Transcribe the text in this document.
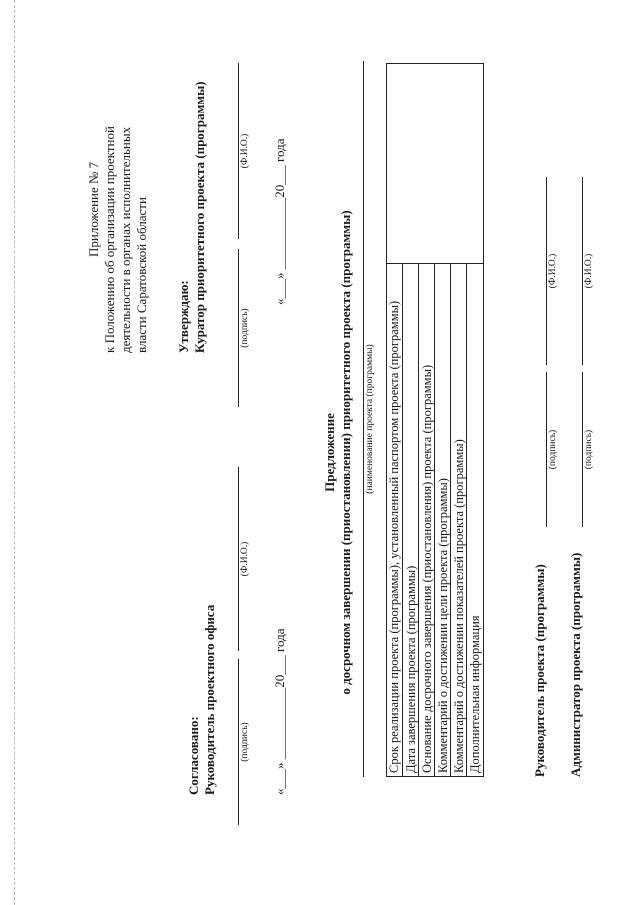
Приложение № 7 к Положению об организации проектной деятельности в органах исполнительных власти Саратовской области Утверждаю: Куратор приоритетного проекта (программы)	(подпись)
(Ф.И.О.) «___» ___________20___ года
Согласовано: Руководитель проектного офиса (подпись)
(Ф.И.О.)
«___» ___________20___ года
Предложение о досрочном завершении (приостановлении) приоритетного проекта (программы) (наименование проекта (программы) Срок реализации проекта (программы), установленный паспортом проекта (программы) Дата завершения проекта (программы) Основание досрочного завершения (приостановления) проекта (программы) Комментарий о достижении цели проекта (программы) Комментарий о достижении показателей проекта (программы) Дополнительная информация	Руководитель проекта (программы)
(подпись)
(Ф.И.О.)
Администратор проекта (программы)
(подпись)
(Ф.И.О.)
